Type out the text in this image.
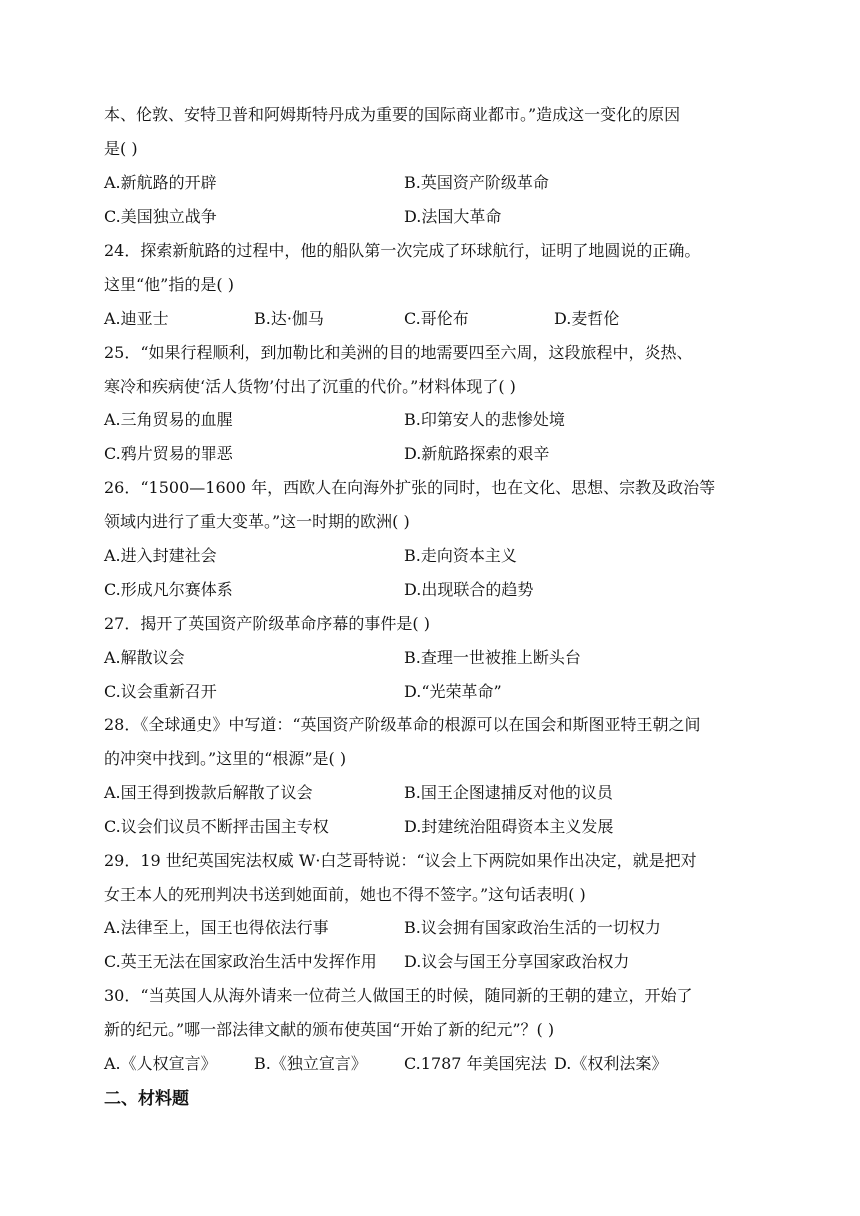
本、伦敦、安特卫普和阿姆斯特丹成为重要的国际商业都市。”造成这一变化的原因
是( )
A.新航路的开辟	B.英国资产阶级革命
C.美国独立战争	D.法国大革命
24．探索新航路的过程中，他的船队第一次完成了环球航行，证明了地圆说的正确。
这里“他”指的是( )
A.迪亚士	B.达·伽马	C.哥伦布	D.麦哲伦
25．“如果行程顺利，到加勒比和美洲的目的地需要四至六周，这段旅程中，炎热、
寒冷和疾病使‘活人货物’付出了沉重的代价。”材料体现了( )
A.三角贸易的血腥	B.印第安人的悲惨处境
C.鸦片贸易的罪恶	D.新航路探索的艰辛
26．“1500—1600 年，西欧人在向海外扩张的同时，也在文化、思想、宗教及政治等
领域内进行了重大变革。”这一时期的欧洲( )
A.进入封建社会	B.走向资本主义
C.形成凡尔赛体系	D.出现联合的趋势
27．揭开了英国资产阶级革命序幕的事件是( )
A.解散议会	B.查理一世被推上断头台
C.议会重新召开	D.“光荣革命”
28．《全球通史》中写道：“英国资产阶级革命的根源可以在国会和斯图亚特王朝之间
的冲突中找到。”这里的“根源”是( )
A.国王得到拨款后解散了议会	B.国王企图逮捕反对他的议员
C.议会们议员不断抨击国主专权	D.封建统治阻碍资本主义发展
29．19 世纪英国宪法权威 W·白芝哥特说：“议会上下两院如果作出决定，就是把对
女王本人的死刑判决书送到她面前，她也不得不签字。”这句话表明( )
A.法律至上，国王也得依法行事	B.议会拥有国家政治生活的一切权力
C.英王无法在国家政治生活中发挥作用 D.议会与国王分享国家政治权力
30．“当英国人从海外请来一位荷兰人做国王的时候，随同新的王朝的建立，开始了
新的纪元。”哪一部法律文献的颁布使英国“开始了新的纪元”？( )
A.《人权宣言》 B.《独立宣言》 C.1787 年美国宪法 D.《权利法案》
二、材料题
